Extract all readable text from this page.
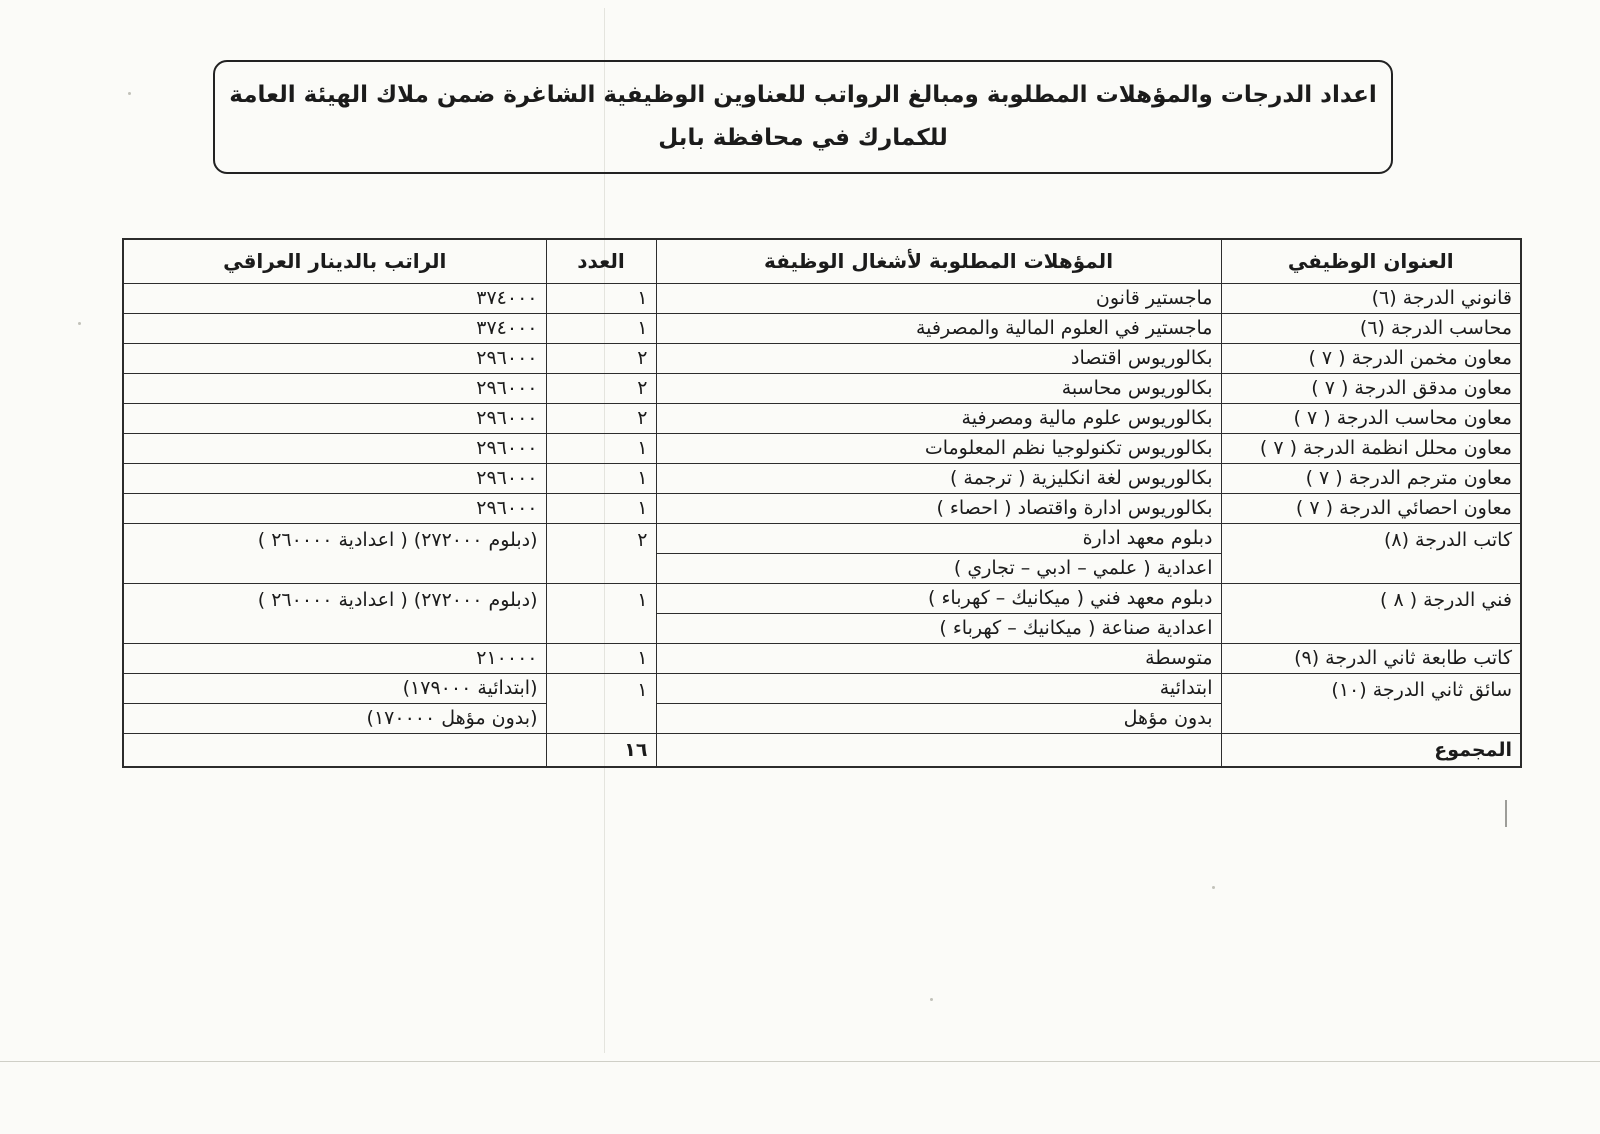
اعداد الدرجات والمؤهلات المطلوبة ومبالغ الرواتب للعناوين الوظيفية الشاغرة ضمن ملاك الهيئة العامة
للكمارك في محافظة بابل
العنوان الوظيفي	المؤهلات المطلوبة لأشغال الوظيفة	العدد	الراتب بالدينار العراقي
قانوني الدرجة (٦)	ماجستير قانون	١	٣٧٤٠٠٠
محاسب الدرجة (٦)	ماجستير في العلوم المالية والمصرفية	١	٣٧٤٠٠٠
معاون مخمن الدرجة ( ٧ )	بكالوريوس اقتصاد	٢	٢٩٦٠٠٠
معاون مدقق الدرجة ( ٧ )	بكالوريوس محاسبة	٢	٢٩٦٠٠٠
معاون محاسب الدرجة ( ٧ )	بكالوريوس علوم مالية ومصرفية	٢	٢٩٦٠٠٠
معاون محلل انظمة الدرجة ( ٧ )	بكالوريوس تكنولوجيا نظم المعلومات	١	٢٩٦٠٠٠
معاون مترجم الدرجة ( ٧ )	بكالوريوس لغة انكليزية ( ترجمة )	١	٢٩٦٠٠٠
معاون احصائي الدرجة ( ٧ )	بكالوريوس ادارة واقتصاد ( احصاء )	١	٢٩٦٠٠٠
كاتب الدرجة (٨)	دبلوم معهد ادارة	٢	(دبلوم ٢٧٢٠٠٠) ( اعدادية ٢٦٠٠٠٠ )
	اعدادية ( علمي – ادبي – تجاري )		
فني الدرجة ( ٨ )	دبلوم معهد فني ( ميكانيك – كهرباء )	١	(دبلوم ٢٧٢٠٠٠) ( اعدادية ٢٦٠٠٠٠ )
	اعدادية صناعة ( ميكانيك – كهرباء )		
كاتب طابعة ثاني الدرجة (٩)	متوسطة	١	٢١٠٠٠٠
سائق ثاني الدرجة (١٠)	ابتدائية	١	(ابتدائية ١٧٩٠٠٠)
	بدون مؤهل		(بدون مؤهل ١٧٠٠٠٠)
المجموع		١٦	
